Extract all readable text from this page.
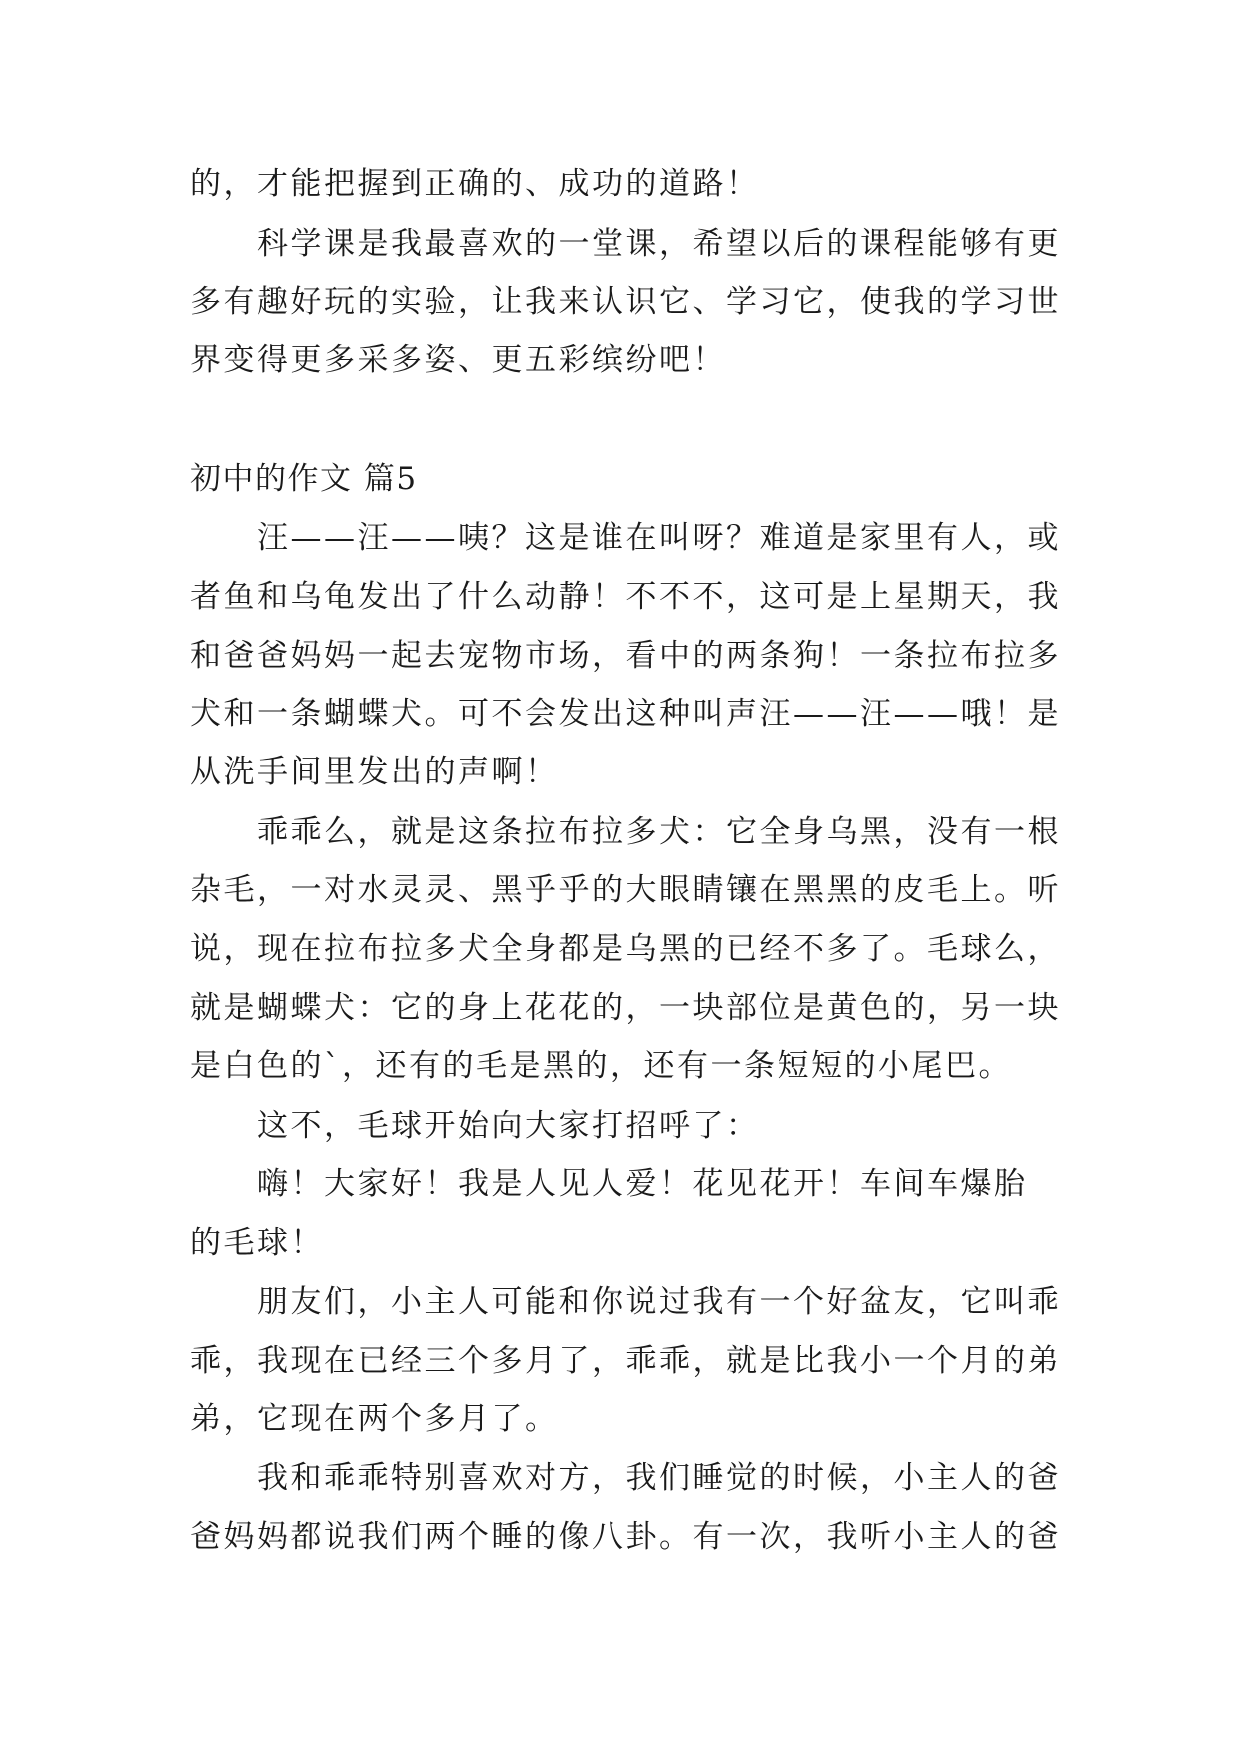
的，才能把握到正确的、成功的道路！
科学课是我最喜欢的一堂课，希望以后的课程能够有更
多有趣好玩的实验，让我来认识它、学习它，使我的学习世
界变得更多采多姿、更五彩缤纷吧！
初中的作文 篇5
汪——汪——咦？这是谁在叫呀？难道是家里有人，或
者鱼和乌龟发出了什么动静！不不不，这可是上星期天，我
和爸爸妈妈一起去宠物市场，看中的两条狗！一条拉布拉多
犬和一条蝴蝶犬。可不会发出这种叫声汪——汪——哦！是
从洗手间里发出的声啊！
乖乖么，就是这条拉布拉多犬：它全身乌黑，没有一根
杂毛，一对水灵灵、黑乎乎的大眼睛镶在黑黑的皮毛上。听
说，现在拉布拉多犬全身都是乌黑的已经不多了。毛球么，
就是蝴蝶犬：它的身上花花的，一块部位是黄色的，另一块
是白色的`，还有的毛是黑的，还有一条短短的小尾巴。
这不，毛球开始向大家打招呼了：
嗨！大家好！我是人见人爱！花见花开！车间车爆胎
的毛球！
朋友们，小主人可能和你说过我有一个好盆友，它叫乖
乖，我现在已经三个多月了，乖乖，就是比我小一个月的弟
弟，它现在两个多月了。
我和乖乖特别喜欢对方，我们睡觉的时候，小主人的爸
爸妈妈都说我们两个睡的像八卦。有一次，我听小主人的爸
